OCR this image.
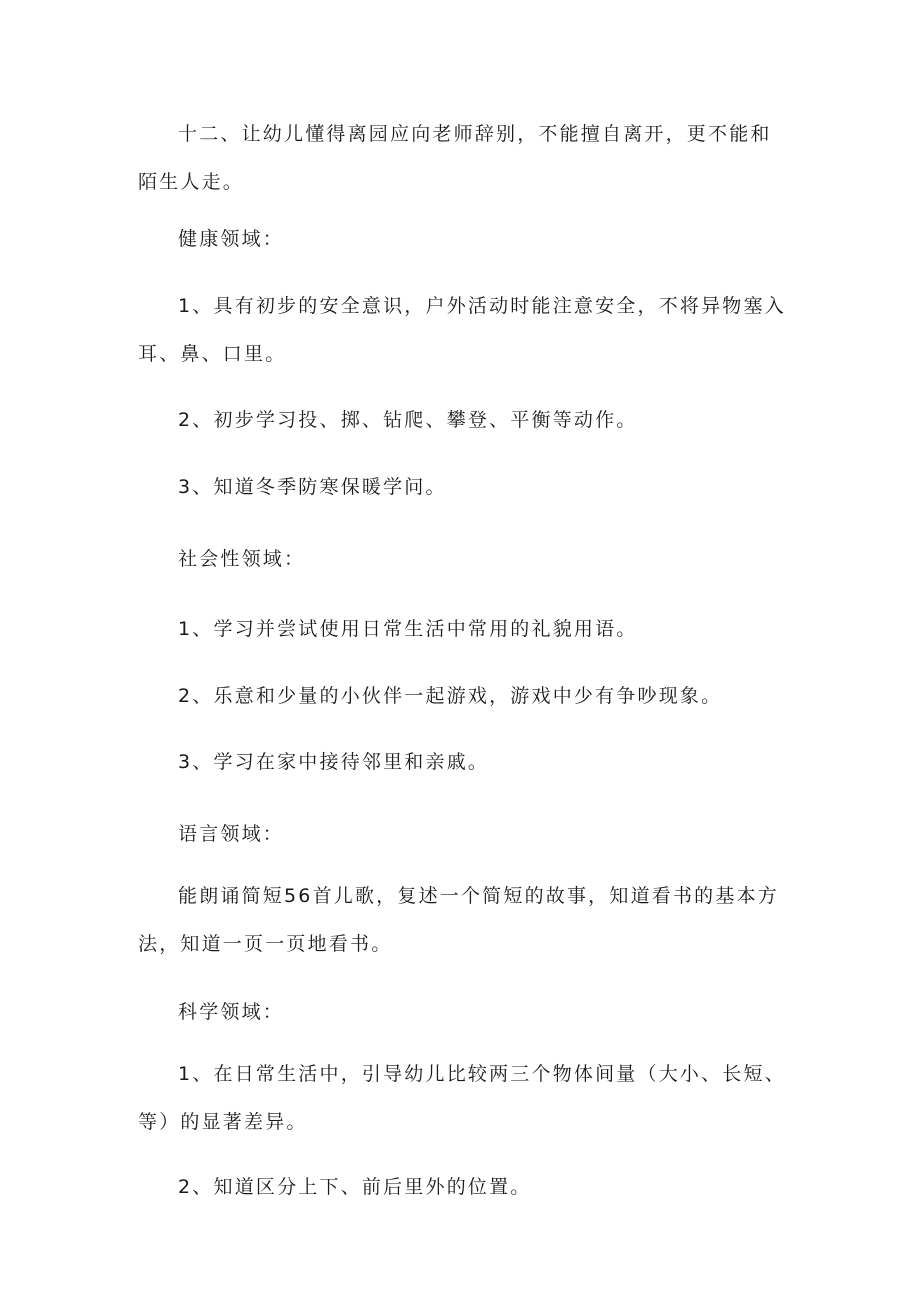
十二、让幼儿懂得离园应向老师辞别，不能擅自离开，更不能和陌生人走。

健康领域：

1、具有初步的安全意识，户外活动时能注意安全，不将异物塞入耳、鼻、口里。

2、初步学习投、掷、钻爬、攀登、平衡等动作。

3、知道冬季防寒保暖学问。

社会性领域：

1、学习并尝试使用日常生活中常用的礼貌用语。

2、乐意和少量的小伙伴一起游戏，游戏中少有争吵现象。

3、学习在家中接待邻里和亲戚。

语言领域：

能朗诵简短56首儿歌，复述一个简短的故事，知道看书的基本方法，知道一页一页地看书。

科学领域：

1、在日常生活中，引导幼儿比较两三个物体间量（大小、长短、等）的显著差异。

2、知道区分上下、前后里外的位置。
